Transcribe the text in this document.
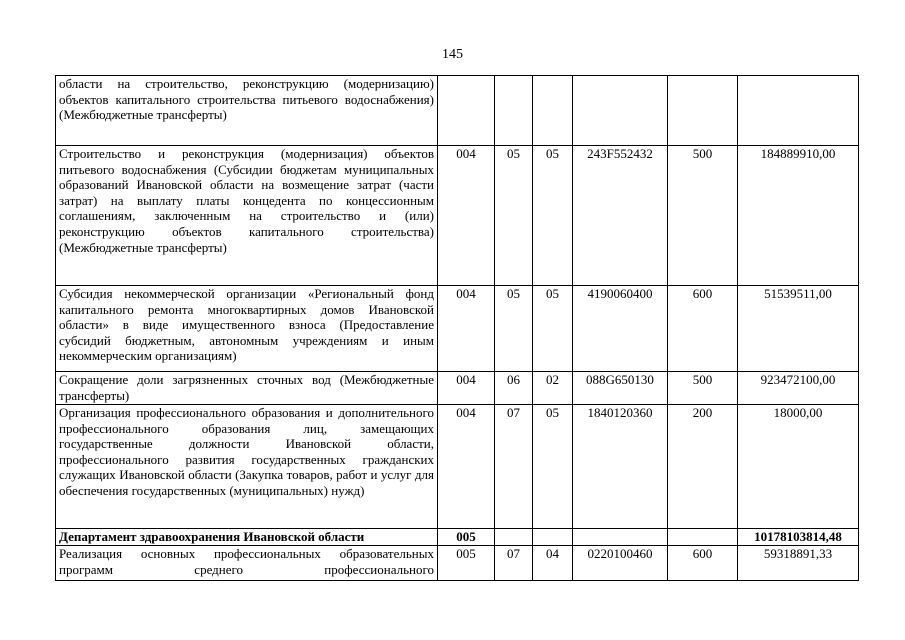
145
области на строительство, реконструкцию (модернизацию) объектов капитального строительства питьевого водоснабжения) (Межбюджетные трансферты)						
Строительство и реконструкция (модернизация) объектов питьевого водоснабжения (Субсидии бюджетам муниципальных образований Ивановской области на возмещение затрат (части затрат) на выплату платы концедента по концессионным соглашениям, заключенным на строительство и (или) реконструкцию объектов капитального строительства) (Межбюджетные трансферты)	004	05	05	243F552432	500	184889910,00
Субсидия некоммерческой организации «Региональный фонд капитального ремонта многоквартирных домов Ивановской области» в виде имущественного взноса (Предоставление субсидий бюджетным, автономным учреждениям и иным некоммерческим организациям)	004	05	05	4190060400	600	51539511,00
Сокращение доли загрязненных сточных вод (Межбюджетные трансферты)	004	06	02	088G650130	500	923472100,00
Организация профессионального образования и дополнительного профессионального образования лиц, замещающих государственные должности Ивановской области, профессионального развития государственных гражданских служащих Ивановской области (Закупка товаров, работ и услуг для обеспечения государственных (муниципальных) нужд)	004	07	05	1840120360	200	18000,00
Департамент здравоохранения Ивановской области	005					10178103814,48
Реализация основных профессиональных образовательных программ среднего профессионального	005	07	04	0220100460	600	59318891,33
